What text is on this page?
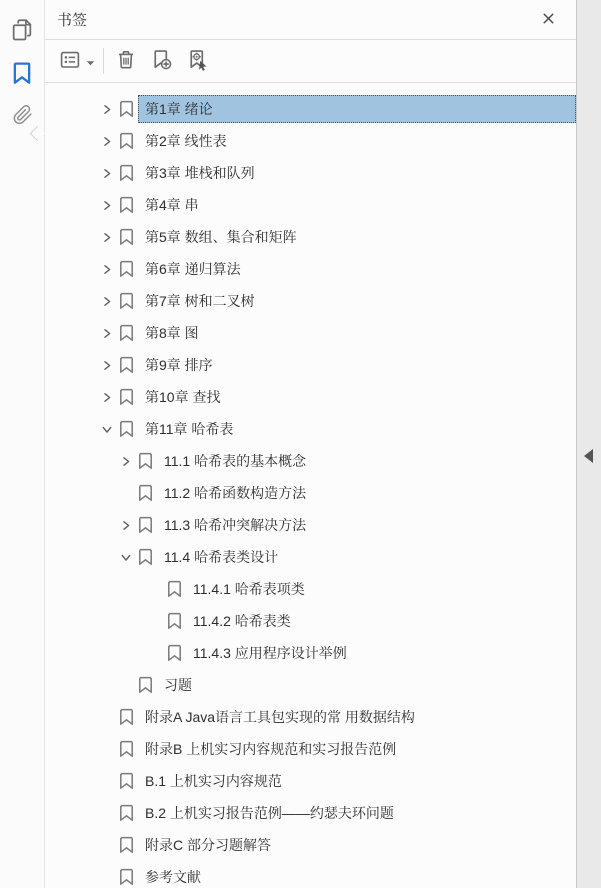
书签
第1章 绪论
第2章 线性表
第3章 堆栈和队列
第4章 串
第5章 数组、集合和矩阵
第6章 递归算法
第7章 树和二叉树
第8章 图
第9章 排序
第10章 查找
第11章 哈希表
11.1 哈希表的基本概念
11.2 哈希函数构造方法
11.3 哈希冲突解决方法
11.4 哈希表类设计
11.4.1 哈希表项类
11.4.2 哈希表类
11.4.3 应用程序设计举例
习题
附录A Java语言工具包实现的常 用数据结构
附录B 上机实习内容规范和实习报告范例
B.1 上机实习内容规范
B.2 上机实习报告范例——约瑟夫环问题
附录C 部分习题解答
参考文献
